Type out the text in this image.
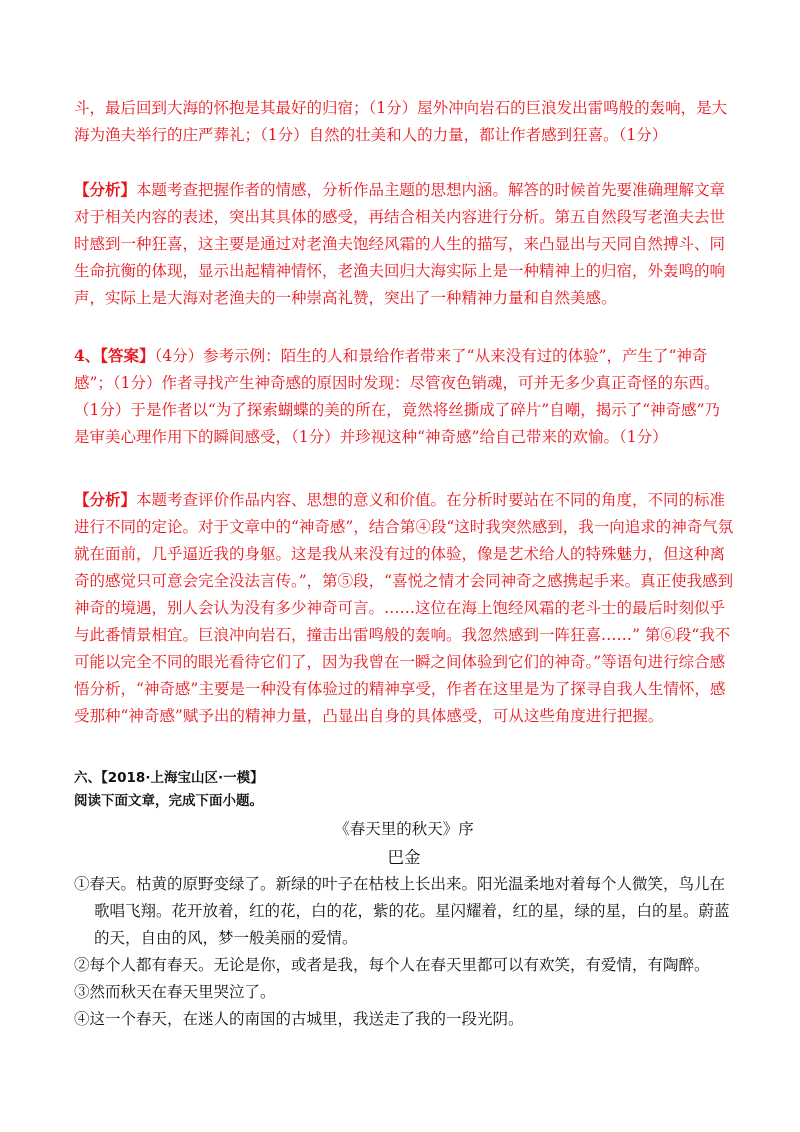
斗，最后回到大海的怀抱是其最好的归宿；（1分）屋外冲向岩石的巨浪发出雷鸣般的轰响，是大海为渔夫举行的庄严葬礼；（1分）自然的壮美和人的力量，都让作者感到狂喜。（1分）

【分析】本题考查把握作者的情感，分析作品主题的思想内涵。解答的时候首先要准确理解文章对于相关内容的表述，突出其具体的感受，再结合相关内容进行分析。第五自然段写老渔夫去世时感到一种狂喜，这主要是通过对老渔夫饱经风霜的人生的描写，来凸显出与天同自然搏斗、同生命抗衡的体现，显示出起精神情怀，老渔夫回归大海实际上是一种精神上的归宿，外轰鸣的响声，实际上是大海对老渔夫的一种崇高礼赞，突出了一种精神力量和自然美感。

4、【答案】（4分）参考示例：陌生的人和景给作者带来了“从来没有过的体验”，产生了“神奇感”；（1分）作者寻找产生神奇感的原因时发现：尽管夜色销魂，可并无多少真正奇怪的东西。（1分）于是作者以“为了探索蝴蝶的美的所在，竟然将丝撕成了碎片”自嘲，揭示了“神奇感”乃是审美心理作用下的瞬间感受，（1分）并珍视这种“神奇感”给自己带来的欢愉。（1分）

【分析】本题考查评价作品内容、思想的意义和价值。在分析时要站在不同的角度，不同的标准进行不同的定论。对于文章中的“神奇感”，结合第④段“这时我突然感到，我一向追求的神奇气氛就在面前，几乎逼近我的身躯。这是我从来没有过的体验，像是艺术给人的特殊魅力，但这种离奇的感觉只可意会完全没法言传。”，第⑤段，“喜悦之情才会同神奇之感携起手来。真正使我感到神奇的境遇，别人会认为没有多少神奇可言。……这位在海上饱经风霜的老斗士的最后时刻似乎与此番情景相宜。巨浪冲向岩石，撞击出雷鸣般的轰响。我忽然感到一阵狂喜……” 第⑥段“我不可能以完全不同的眼光看待它们了，因为我曾在一瞬之间体验到它们的神奇。”等语句进行综合感悟分析，“神奇感”主要是一种没有体验过的精神享受，作者在这里是为了探寻自我人生情怀，感受那种“神奇感”赋予出的精神力量，凸显出自身的具体感受，可从这些角度进行把握。

六、【2018·上海宝山区·一模】

阅读下面文章，完成下面小题。

《春天里的秋天》序

巴金

①春天。枯黄的原野变绿了。新绿的叶子在枯枝上长出来。阳光温柔地对着每个人微笑，鸟儿在歌唱飞翔。花开放着，红的花，白的花，紫的花。星闪耀着，红的星，绿的星，白的星。蔚蓝的天，自由的风，梦一般美丽的爱情。
②每个人都有春天。无论是你，或者是我，每个人在春天里都可以有欢笑，有爱情，有陶醉。
③然而秋天在春天里哭泣了。
④这一个春天，在迷人的南国的古城里，我送走了我的一段光阴。
